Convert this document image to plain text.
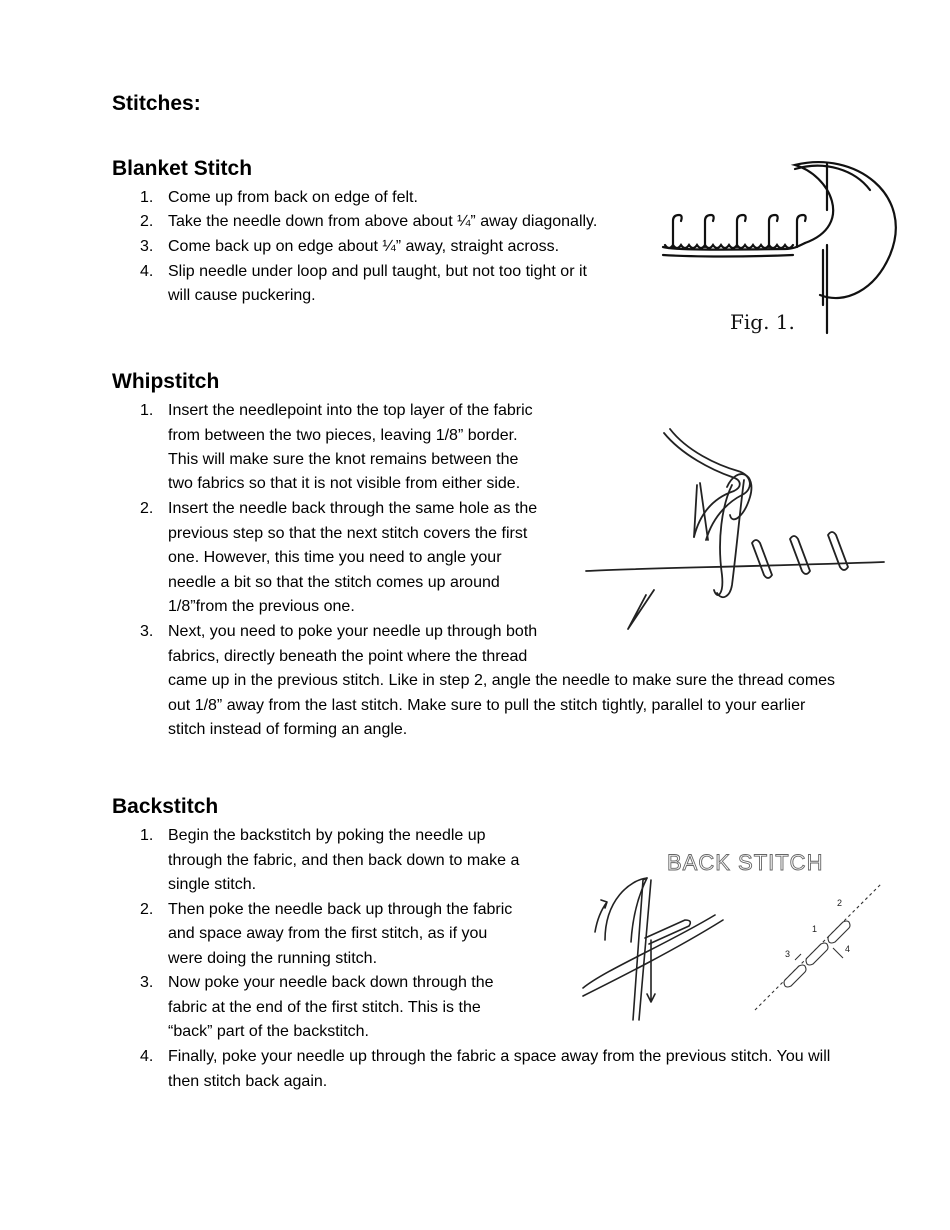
Stitches:
Blanket Stitch
1. Come up from back on edge of felt.
2. Take the needle down from above about ¼” away diagonally.
3. Come back up on edge about ¼” away, straight across.
4. Slip needle under loop and pull taught, but not too tight or it
will cause puckering.
Fig. 1.
Whipstitch
1. Insert the needlepoint into the top layer of the fabric
from between the two pieces, leaving 1/8” border.
This will make sure the knot remains between the
two fabrics so that it is not visible from either side.
2. Insert the needle back through the same hole as the
previous step so that the next stitch covers the first
one. However, this time you need to angle your
needle a bit so that the stitch comes up around
1/8”from the previous one.
3. Next, you need to poke your needle up through both
fabrics, directly beneath the point where the thread
came up in the previous stitch. Like in step 2, angle the needle to make sure the thread comes
out 1/8” away from the last stitch. Make sure to pull the stitch tightly, parallel to your earlier
stitch instead of forming an angle.
Backstitch
1. Begin the backstitch by poking the needle up
through the fabric, and then back down to make a
single stitch.
2. Then poke the needle back up through the fabric
and space away from the first stitch, as if you
were doing the running stitch.
3. Now poke your needle back down through the
fabric at the end of the first stitch. This is the
“back” part of the backstitch.
4. Finally, poke your needle up through the fabric a space away from the previous stitch. You will
then stitch back again.
BACK STITCH
1
2
3	4
